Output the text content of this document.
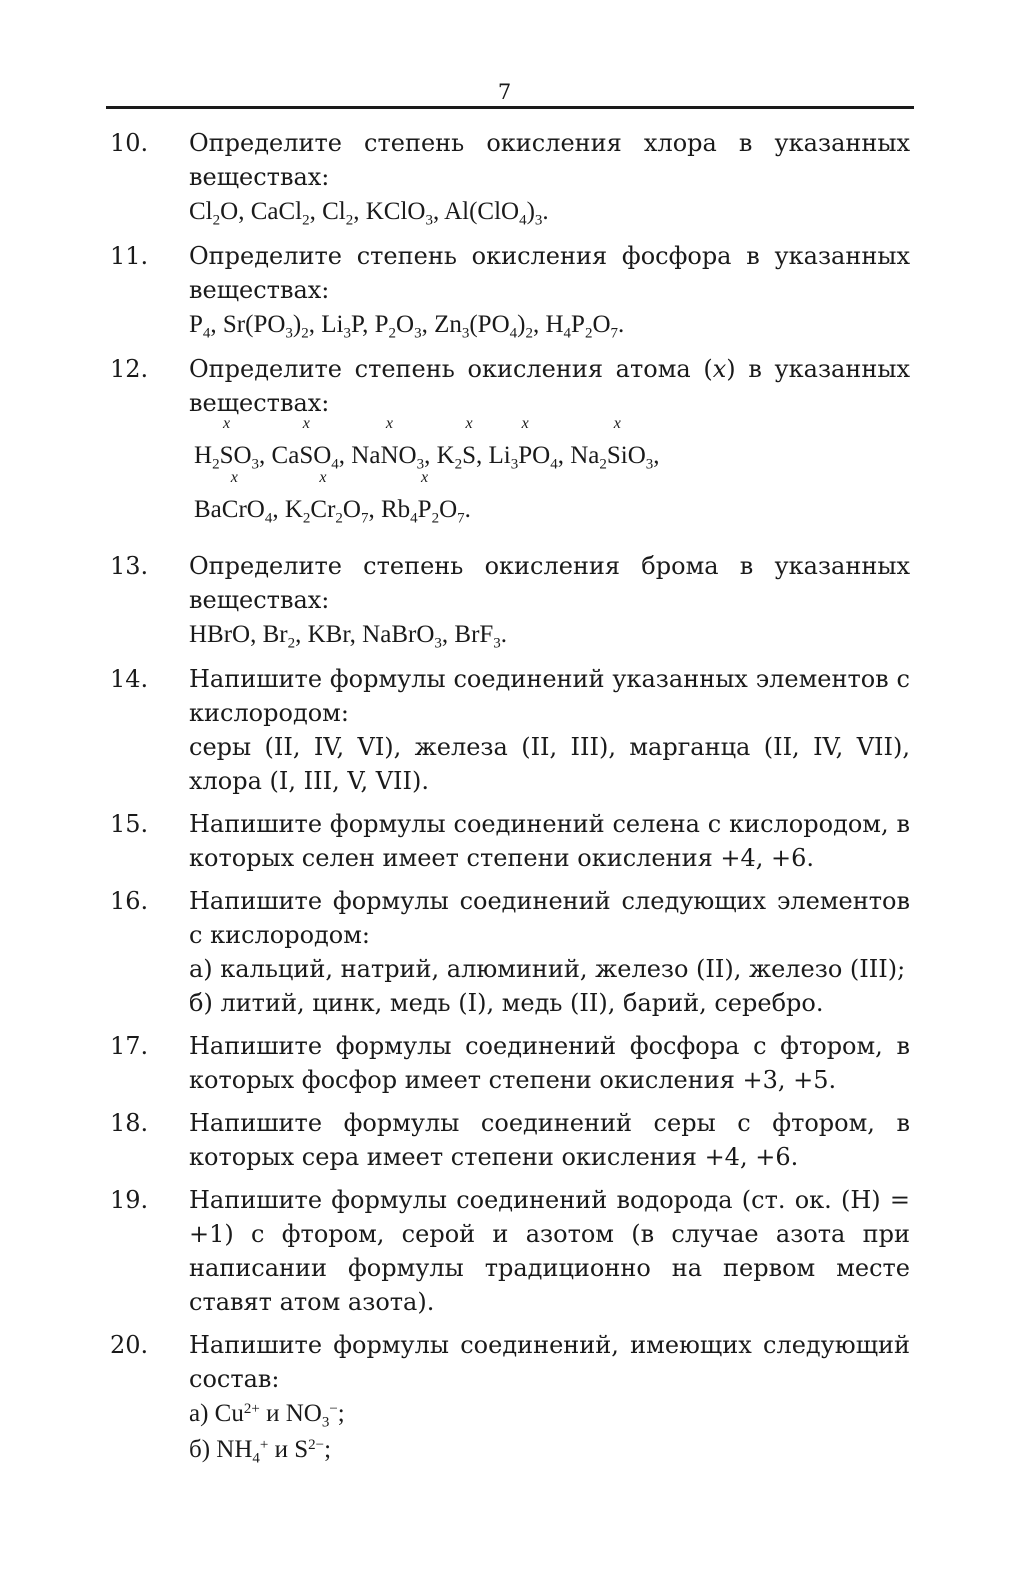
7
10. Определите степень окисления хлора в указанных веществах:
$Cl_2O$, CaCl$_2$, $Cl_2$, KClO$_3$, $Al(ClO_4)_3$.
11. Определите степень окисления фосфора в указанных веществах:
$P_4$, $Sr(PO_3)_2$, $Li_3P$, $P_2O_3$, $Zn_3(PO_4)_2$, $H_4P_2O_7$.
12. Определите степень окисления атома (x) в указанных веществах:
$H_2$
x
$SO_3$, Ca
x
$SO_4$, Na
x
$NO_3$, $K_2$
x
S, $Li_3$
x
$PO_4$, $Na_2$
x
SiO$_3$,
Ba
x
CrO$_4$, $K_2$
x
$Cr_2O_7$, $Rb_4$
x
$P_2O_7$.
13. Определите степень окисления брома в указанных веществах:
HBrO, $Br_2$, KBr, NaBrO$_3$, BrF$_3$.
14. Напишите формулы соединений указанных элементов с кислородом:
серы (II, IV, VI), железа (II, III), марганца (II, IV, VII), хлора (I, III, V, VII).
15. Напишите формулы соединений селена с кислородом, в которых селен имеет степени окисления +4, +6.
16. Напишите формулы соединений следующих элементов с кислородом:
а) кальций, натрий, алюминий, железо (II), железо (III);
б) литий, цинк, медь (I), медь (II), барий, серебро.
17. Напишите формулы соединений фосфора с фтором, в которых фосфор имеет степени окисления +3, +5.
18. Напишите формулы соединений серы с фтором, в которых сера имеет степени окисления +4, +6.
19. Напишите формулы соединений водорода (ст. ок. (H) = +1) с фтором, серой и азотом (в случае азота при написании формулы традиционно на первом месте ставят атом азота).
20. Напишите формулы соединений, имеющих следующий состав:
а) $Cu^{2+}$ и $NO_3^-$;
б) $NH_4^+$ и $S^{2-}$;
